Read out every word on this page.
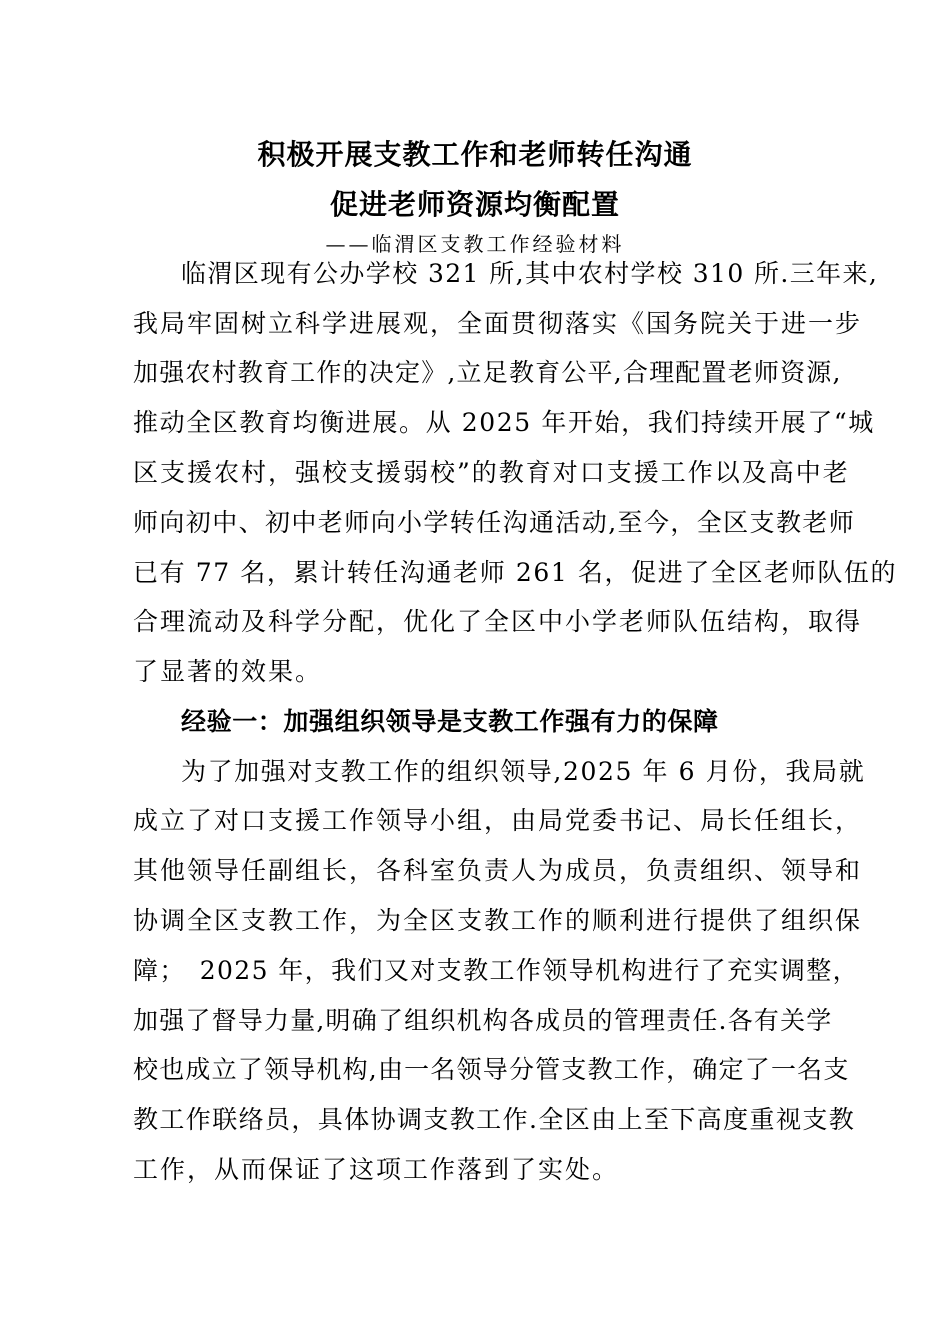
积极开展支教工作和老师转任沟通
促进老师资源均衡配置
——临渭区支教工作经验材料
临渭区现有公办学校 321 所,其中农村学校 310 所.三年来,
我局牢固树立科学进展观，全面贯彻落实《国务院关于进一步
加强农村教育工作的决定》,立足教育公平,合理配置老师资源,
推动全区教育均衡进展。从 2025 年开始，我们持续开展了“城
区支援农村，强校支援弱校”的教育对口支援工作以及高中老
师向初中、初中老师向小学转任沟通活动,至今，全区支教老师
已有 77 名，累计转任沟通老师 261 名，促进了全区老师队伍的
合理流动及科学分配，优化了全区中小学老师队伍结构，取得
了显著的效果。
经验一：加强组织领导是支教工作强有力的保障
为了加强对支教工作的组织领导,2025 年 6 月份，我局就
成立了对口支援工作领导小组，由局党委书记、局长任组长，
其他领导任副组长，各科室负责人为成员，负责组织、领导和
协调全区支教工作，为全区支教工作的顺利进行提供了组织保
障；　2025 年，我们又对支教工作领导机构进行了充实调整，
加强了督导力量,明确了组织机构各成员的管理责任.各有关学
校也成立了领导机构,由一名领导分管支教工作，确定了一名支
教工作联络员，具体协调支教工作.全区由上至下高度重视支教
工作，从而保证了这项工作落到了实处。
